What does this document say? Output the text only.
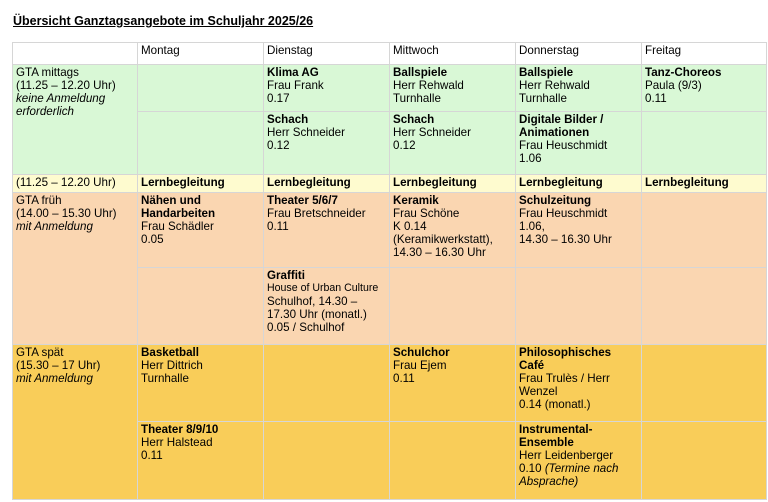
Übersicht Ganztagsangebote im Schuljahr 2025/26
	Montag	Dienstag	Mittwoch	Donnerstag	Freitag

GTA mittags
(11.25 – 12.20 Uhr)
keine Anmeldung erforderlich		Klima AG
Frau Frank
0.17	Ballspiele
Herr Rehwald
Turnhalle	Ballspiele
Herr Rehwald
Turnhalle	Tanz-Choreos
Paula (9/3)
0.11

		Schach
Herr Schneider
0.12	Schach
Herr Schneider
0.12	Digitale Bilder / Animationen
Frau Heuschmidt
1.06	

(11.25 – 12.20 Uhr)	Lernbegleitung	Lernbegleitung	Lernbegleitung	Lernbegleitung	Lernbegleitung

GTA früh
(14.00 – 15.30 Uhr)
mit Anmeldung	Nähen und Handarbeiten
Frau Schädler
0.05	Theater 5/6/7
Frau Bretschneider
0.11	Keramik
Frau Schöne
K 0.14
(Keramikwerkstatt),
14.30 – 16.30 Uhr	Schulzeitung
Frau Heuschmidt
1.06,
14.30 – 16.30 Uhr	

		Graffiti
House of Urban Culture
Schulhof, 14.30 –
17.30 Uhr (monatl.)
0.05 / Schulhof			

GTA spät
(15.30 – 17 Uhr)
mit Anmeldung	Basketball
Herr Dittrich
Turnhalle		Schulchor
Frau Ejem
0.11	Philosophisches Café
Frau Trulès / Herr Wenzel
0.14 (monatl.)	

	Theater 8/9/10
Herr Halstead
0.11			Instrumental-Ensemble
Herr Leidenberger
0.10 (Termine nach Absprache)	
